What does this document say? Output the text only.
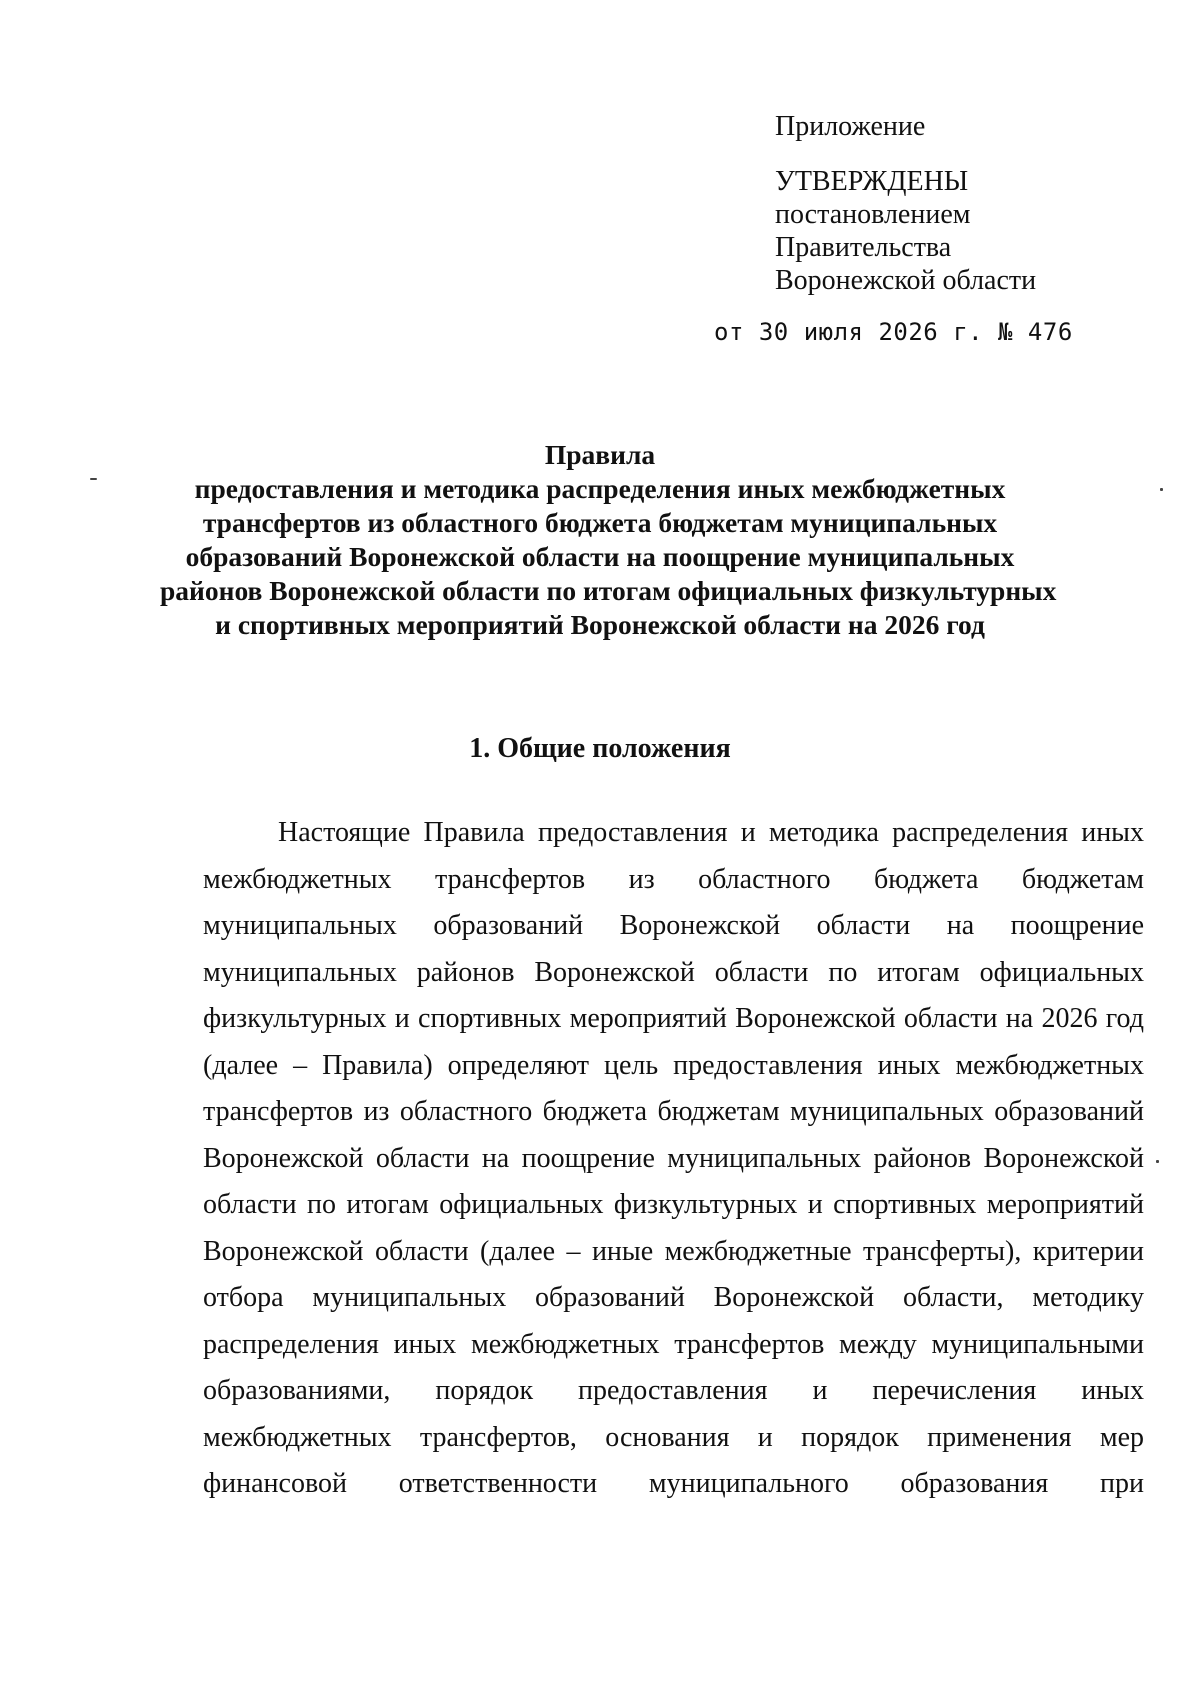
Приложение
УТВЕРЖДЕНЫ
постановлением
Правительства
Воронежской области
от 30 июля 2026 г. № 476
Правила
предоставления и методика распределения иных межбюджетных
трансфертов из областного бюджета бюджетам муниципальных
образований Воронежской области на поощрение муниципальных
районов Воронежской области по итогам официальных физкультурных
и спортивных мероприятий Воронежской области на 2026 год
1. Общие положения
Настоящие Правила предоставления и методика распределения иных
межбюджетных трансфертов из областного бюджета бюджетам
муниципальных образований Воронежской области на поощрение
муниципальных районов Воронежской области по итогам официальных
физкультурных и спортивных мероприятий Воронежской области на 2026 год
(далее – Правила) определяют цель предоставления иных межбюджетных
трансфертов из областного бюджета бюджетам муниципальных образований
Воронежской области на поощрение муниципальных районов Воронежской
области по итогам официальных физкультурных и спортивных мероприятий
Воронежской области (далее – иные межбюджетные трансферты), критерии
отбора муниципальных образований Воронежской области, методику
распределения иных межбюджетных трансфертов между муниципальными
образованиями, порядок предоставления и перечисления иных
межбюджетных трансфертов, основания и порядок применения мер
финансовой ответственности муниципального образования при
